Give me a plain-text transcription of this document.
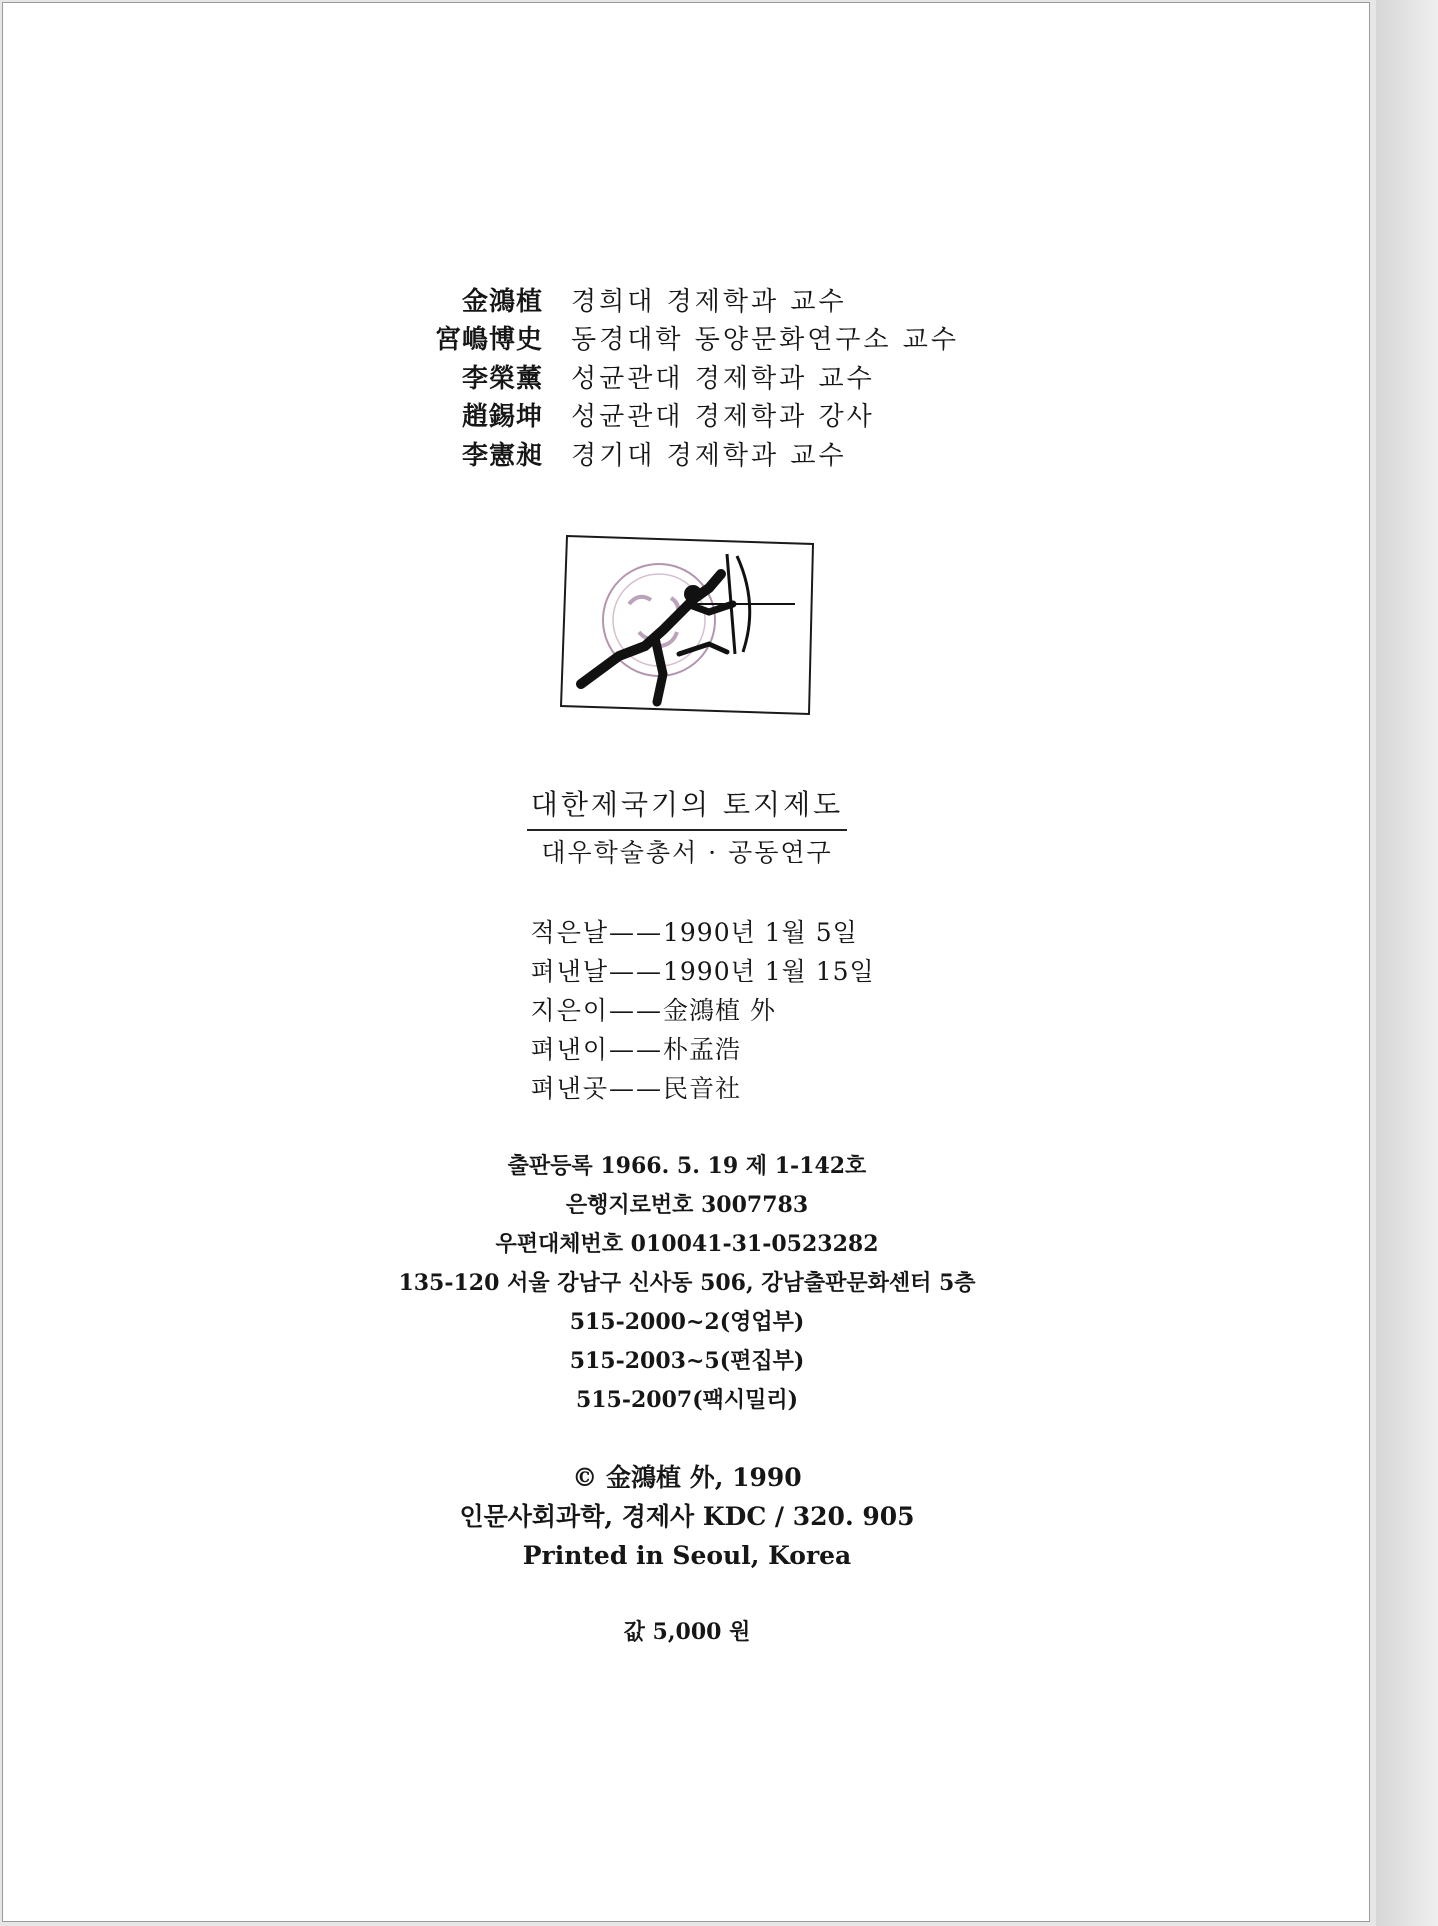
金鴻植 경희대 경제학과 교수
宮嶋博史 동경대학 동양문화연구소 교수
李榮薰 성균관대 경제학과 교수
趙錫坤 성균관대 경제학과 강사
李憲昶 경기대 경제학과 교수
대한제국기의 토지제도
대우학술총서 · 공동연구
적은날—— 1990년 1월 5일
펴낸날—— 1990년 1월 15일
지은이—— 金鴻植 外
펴낸이—— 朴孟浩
펴낸곳—— 民音社
출판등록 1966. 5. 19 제 1-142호
은행지로번호 3007783
우편대체번호 010041-31-0523282
135-120 서울 강남구 신사동 506, 강남출판문화센터 5층
515-2000~2(영업부)
515-2003~5(편집부)
515-2007(팩시밀리)
© 金鴻植 外, 1990
인문사회과학, 경제사 KDC / 320. 905
Printed in Seoul, Korea
값 5,000 원
